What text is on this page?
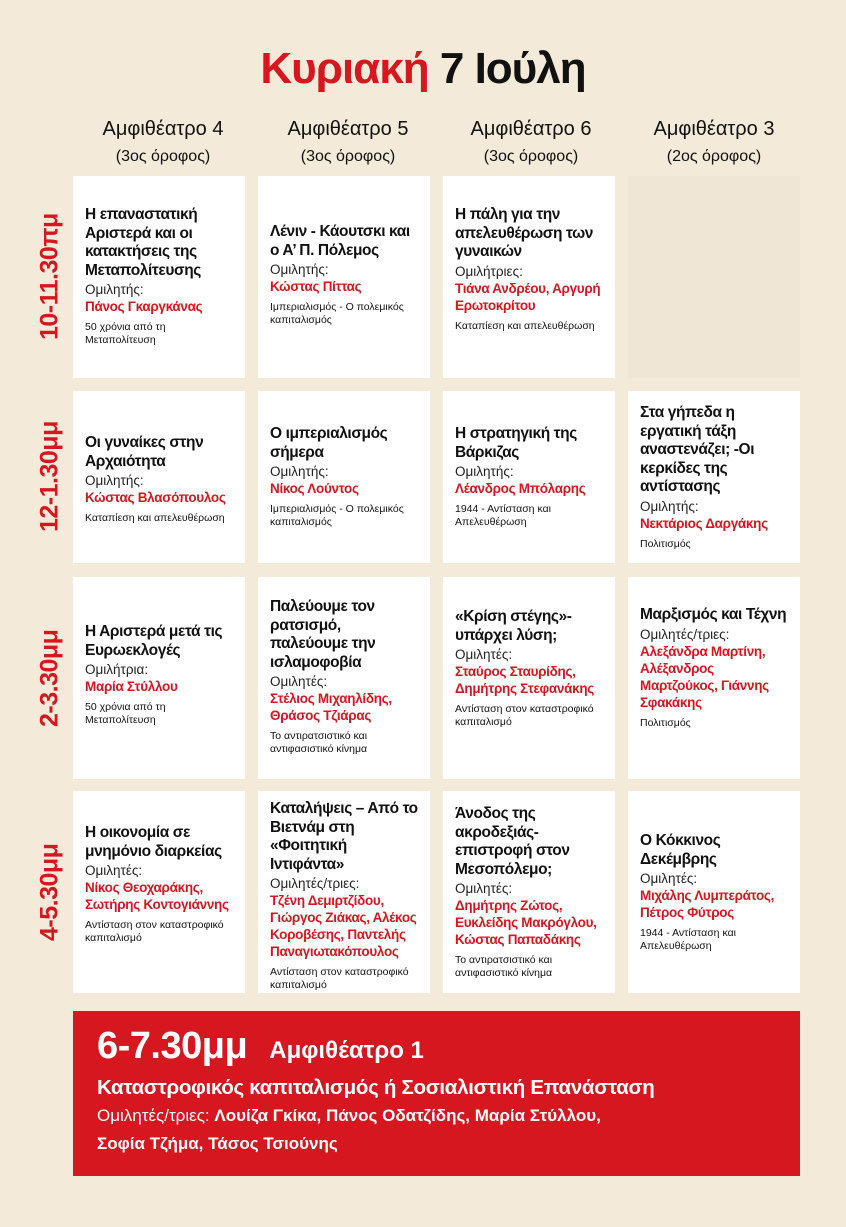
Κυριακή 7 Ιούλη
Αμφιθέατρο 4
(3ος όροφος)
Αμφιθέατρο 5
(3ος όροφος)
Αμφιθέατρο 6
(3ος όροφος)
Αμφιθέατρο 3
(2ος όροφος)
10-11.30πμ
12-1.30μμ
2-3.30μμ
4-5.30μμ
Η επαναστατική Αριστερά και οι κατακτήσεις της Μεταπολίτευσης
Ομιλητής:
Πάνος Γκαργκάνας
50 χρόνια από τη Μεταπολίτευση
Λένιν - Κάουτσκι και ο Α’ Π. Πόλεμος
Ομιλητής:
Κώστας Πίττας
Ιμπεριαλισμός - Ο πολεμικός καπιταλισμός
Η πάλη για την απελευθέρωση των γυναικών
Ομιλήτριες:
Τιάνα Ανδρέου, Αργυρή Ερωτοκρίτου
Καταπίεση και απελευθέρωση
Οι γυναίκες στην Αρχαιότητα
Ομιλητής:
Κώστας Βλασόπουλος
Καταπίεση και απελευθέρωση
Ο ιμπεριαλισμός σήμερα
Ομιλητής:
Νίκος Λούντος
Ιμπεριαλισμός - Ο πολεμικός καπιταλισμός
Η στρατηγική της Βάρκιζας
Ομιλητής:
Λέανδρος Μπόλαρης
1944 - Αντίσταση και Απελευθέρωση
Στα γήπεδα η εργατική τάξη αναστενάζει; -Οι κερκίδες της αντίστασης
Ομιλητής:
Νεκτάριος Δαργάκης
Πολιτισμός
Η Αριστερά μετά τις Ευρωεκλογές
Ομιλήτρια:
Μαρία Στύλλου
50 χρόνια από τη Μεταπολίτευση
Παλεύουμε τον ρατσισμό, παλεύουμε την ισλαμοφοβία
Ομιλητές:
Στέλιος Μιχαηλίδης, Θράσος Τζιάρας
Το αντιρατσιστικό και αντιφασιστικό κίνημα
«Κρίση στέγης»- υπάρχει λύση;
Ομιλητές:
Σταύρος Σταυρίδης, Δημήτρης Στεφανάκης
Αντίσταση στον καταστροφικό καπιταλισμό
Μαρξισμός και Τέχνη
Ομιλητές/τριες:
Αλεξάνδρα Μαρτίνη, Αλέξανδρος Μαρτζούκος, Γιάννης Σφακάκης
Πολιτισμός
Η οικονομία σε μνημόνιο διαρκείας
Ομιλητές:
Νίκος Θεοχαράκης, Σωτήρης Κοντογιάννης
Αντίσταση στον καταστροφικό καπιταλισμό
Καταλήψεις – Από το Βιετνάμ στη «Φοιτητική Ιντιφάντα»
Ομιλητές/τριες:
Τζένη Δεμιρτζίδου, Γιώργος Ζιάκας, Αλέκος Κοροβέσης, Παντελής Παναγιωτακόπουλος
Αντίσταση στον καταστροφικό καπιταλισμό
Άνοδος της ακροδεξιάς- επιστροφή στον Μεσοπόλεμο;
Ομιλητές:
Δημήτρης Ζώτος, Ευκλείδης Μακρόγλου, Κώστας Παπαδάκης
Το αντιρατσιστικό και αντιφασιστικό κίνημα
Ο Κόκκινος Δεκέμβρης
Ομιλητές:
Μιχάλης Λυμπεράτος, Πέτρος Φύτρος
1944 - Αντίσταση και Απελευθέρωση
6-7.30μμ Αμφιθέατρο 1
Καταστροφικός καπιταλισμός ή Σοσιαλιστική Επανάσταση
Ομιλητές/τριες: Λουίζα Γκίκα, Πάνος Οδατζίδης, Μαρία Στύλλου,
Σοφία Τζήμα, Τάσος Τσιούνης
